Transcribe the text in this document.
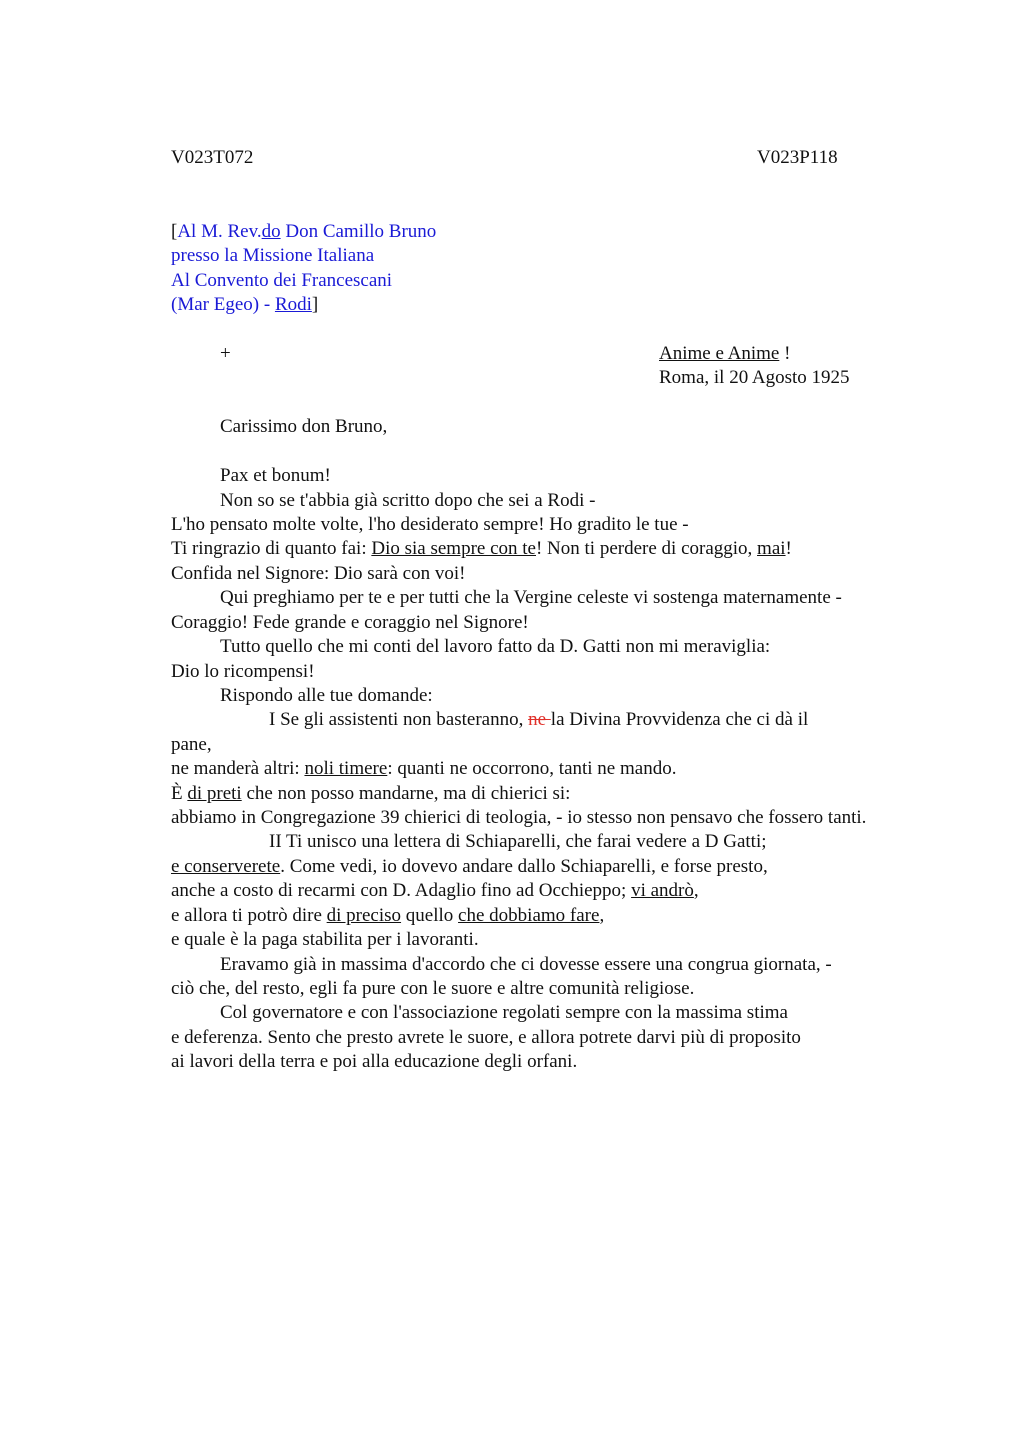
V023T072	V023P118
[Al M. Rev.do Don Camillo Bruno
presso la Missione Italiana
Al Convento dei Francescani
(Mar Egeo) - Rodi]
+	Anime e Anime !
Roma, il 20 Agosto 1925
Carissimo don Bruno,
Pax et bonum!
Non so se t'abbia già scritto dopo che sei a Rodi -
L'ho pensato molte volte, l'ho desiderato sempre! Ho gradito le tue -
Ti ringrazio di quanto fai: Dio sia sempre con te! Non ti perdere di coraggio, mai!
Confida nel Signore: Dio sarà con voi!
Qui preghiamo per te e per tutti che la Vergine celeste vi sostenga maternamente -
Coraggio! Fede grande e coraggio nel Signore!
Tutto quello che mi conti del lavoro fatto da D. Gatti non mi meraviglia:
Dio lo ricompensi!
Rispondo alle tue domande:
I Se gli assistenti non basteranno, ne la Divina Provvidenza che ci dà il
pane,
ne manderà altri: noli timere: quanti ne occorrono, tanti ne mando.
È di preti che non posso mandarne, ma di chierici si:
abbiamo in Congregazione 39 chierici di teologia, - io stesso non pensavo che fossero tanti.
II Ti unisco una lettera di Schiaparelli, che farai vedere a D Gatti;
e conserverete. Come vedi, io dovevo andare dallo Schiaparelli, e forse presto,
anche a costo di recarmi con D. Adaglio fino ad Occhieppo; vi andrò,
e allora ti potrò dire di preciso quello che dobbiamo fare,
e quale è la paga stabilita per i lavoranti.
Eravamo già in massima d'accordo che ci dovesse essere una congrua giornata, -
ciò che, del resto, egli fa pure con le suore e altre comunità religiose.
Col governatore e con l'associazione regolati sempre con la massima stima
e deferenza. Sento che presto avrete le suore, e allora potrete darvi più di proposito
ai lavori della terra e poi alla educazione degli orfani.
